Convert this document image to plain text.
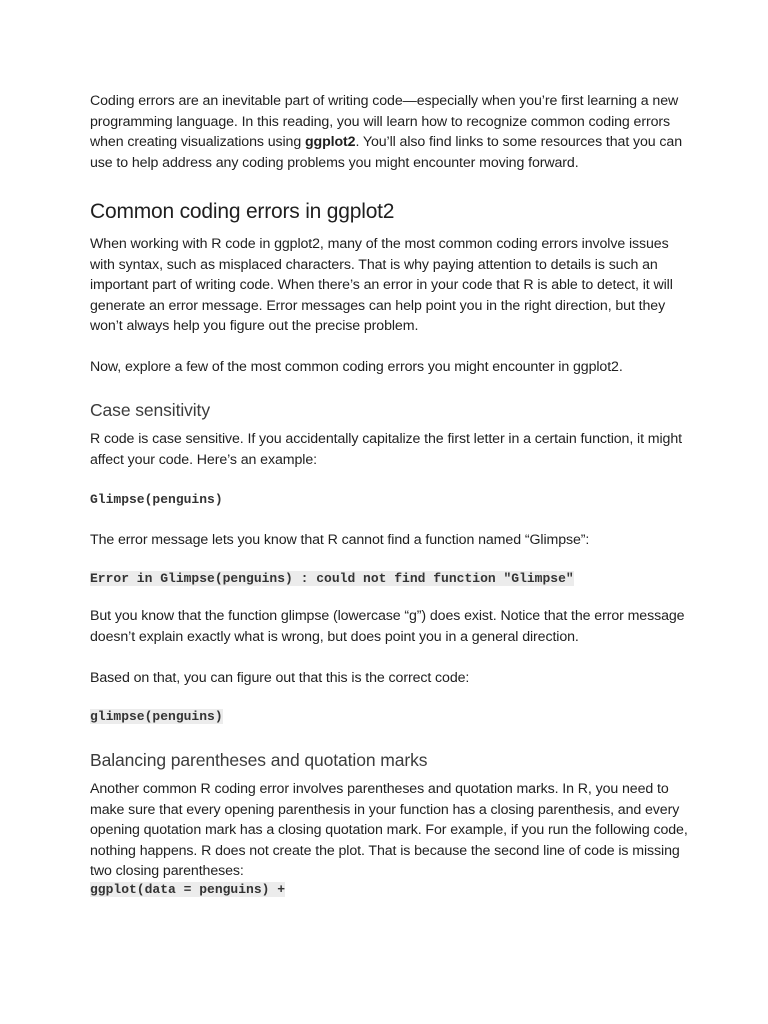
Coding errors are an inevitable part of writing code—especially when you’re first learning a new programming language. In this reading, you will learn how to recognize common coding errors when creating visualizations using ggplot2. You’ll also find links to some resources that you can use to help address any coding problems you might encounter moving forward.

Common coding errors in ggplot2

When working with R code in ggplot2, many of the most common coding errors involve issues with syntax, such as misplaced characters. That is why paying attention to details is such an important part of writing code. When there’s an error in your code that R is able to detect, it will generate an error message. Error messages can help point you in the right direction, but they won’t always help you figure out the precise problem.

Now, explore a few of the most common coding errors you might encounter in ggplot2.

Case sensitivity

R code is case sensitive. If you accidentally capitalize the first letter in a certain function, it might affect your code. Here’s an example:

Glimpse(penguins)

The error message lets you know that R cannot find a function named “Glimpse”:

Error in Glimpse(penguins) : could not find function "Glimpse"

But you know that the function glimpse (lowercase “g”) does exist. Notice that the error message doesn’t explain exactly what is wrong, but does point you in a general direction.

Based on that, you can figure out that this is the correct code:

glimpse(penguins)
Balancing parentheses and quotation marks

Another common R coding error involves parentheses and quotation marks. In R, you need to make sure that every opening parenthesis in your function has a closing parenthesis, and every opening quotation mark has a closing quotation mark. For example, if you run the following code, nothing happens. R does not create the plot. That is because the second line of code is missing two closing parentheses:

ggplot(data = penguins) +
